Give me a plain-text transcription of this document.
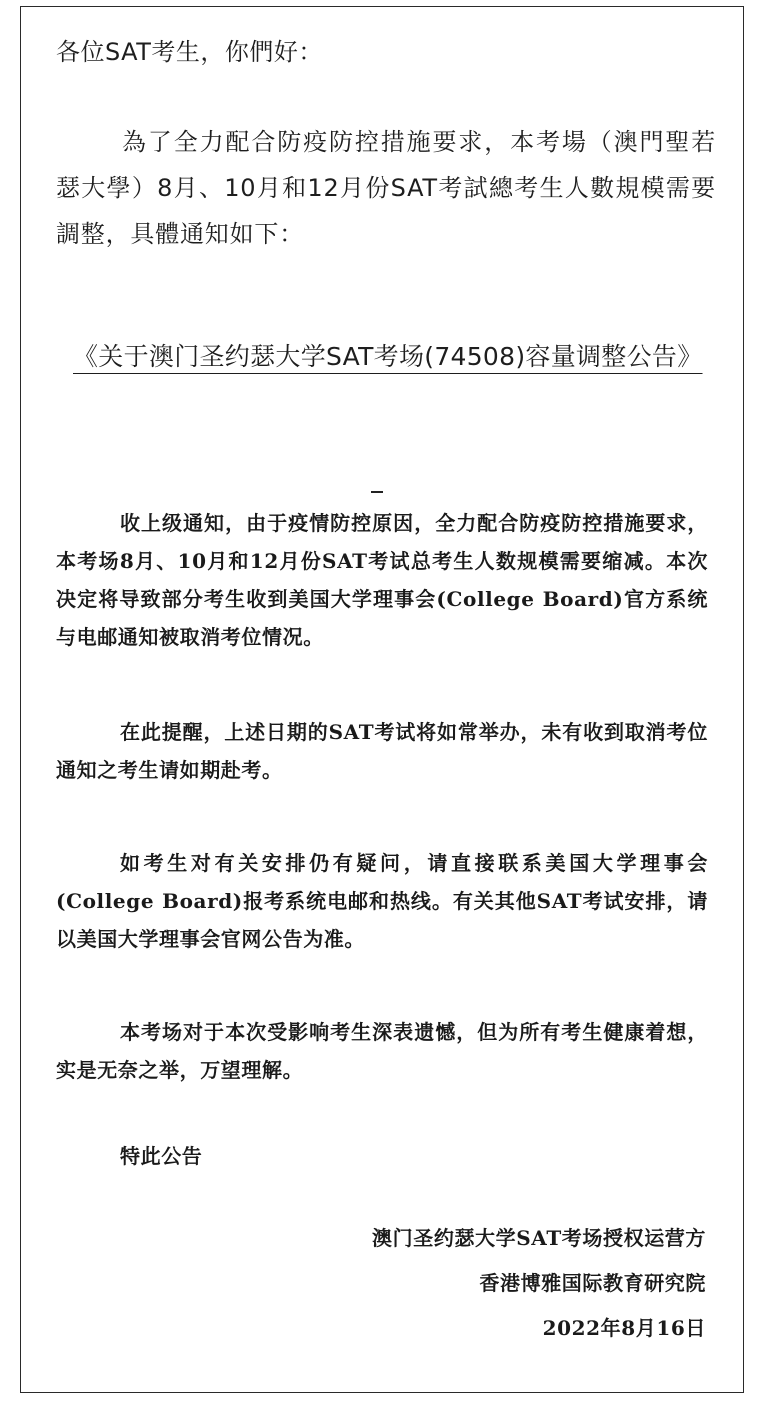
各位SAT考生，你們好：

為了全力配合防疫防控措施要求，本考場（澳門聖若瑟大學）8月、10月和12月份SAT考試總考生人數規模需要調整，具體通知如下：

《关于澳门圣约瑟大学SAT考场(74508)容量调整公告》

收上级通知，由于疫情防控原因，全力配合防疫防控措施要求，本考场8月、10月和12月份SAT考试总考生人数规模需要缩减。本次决定将导致部分考生收到美国大学理事会(College Board)官方系统与电邮通知被取消考位情况。

在此提醒，上述日期的SAT考试将如常举办，未有收到取消考位通知之考生请如期赴考。

如考生对有关安排仍有疑问，请直接联系美国大学理事会(College Board)报考系统电邮和热线。有关其他SAT考试安排，请以美国大学理事会官网公告为准。

本考场对于本次受影响考生深表遗憾，但为所有考生健康着想，实是无奈之举，万望理解。

特此公告

澳门圣约瑟大学SAT考场授权运营方

香港博雅国际教育研究院

2022年8月16日
